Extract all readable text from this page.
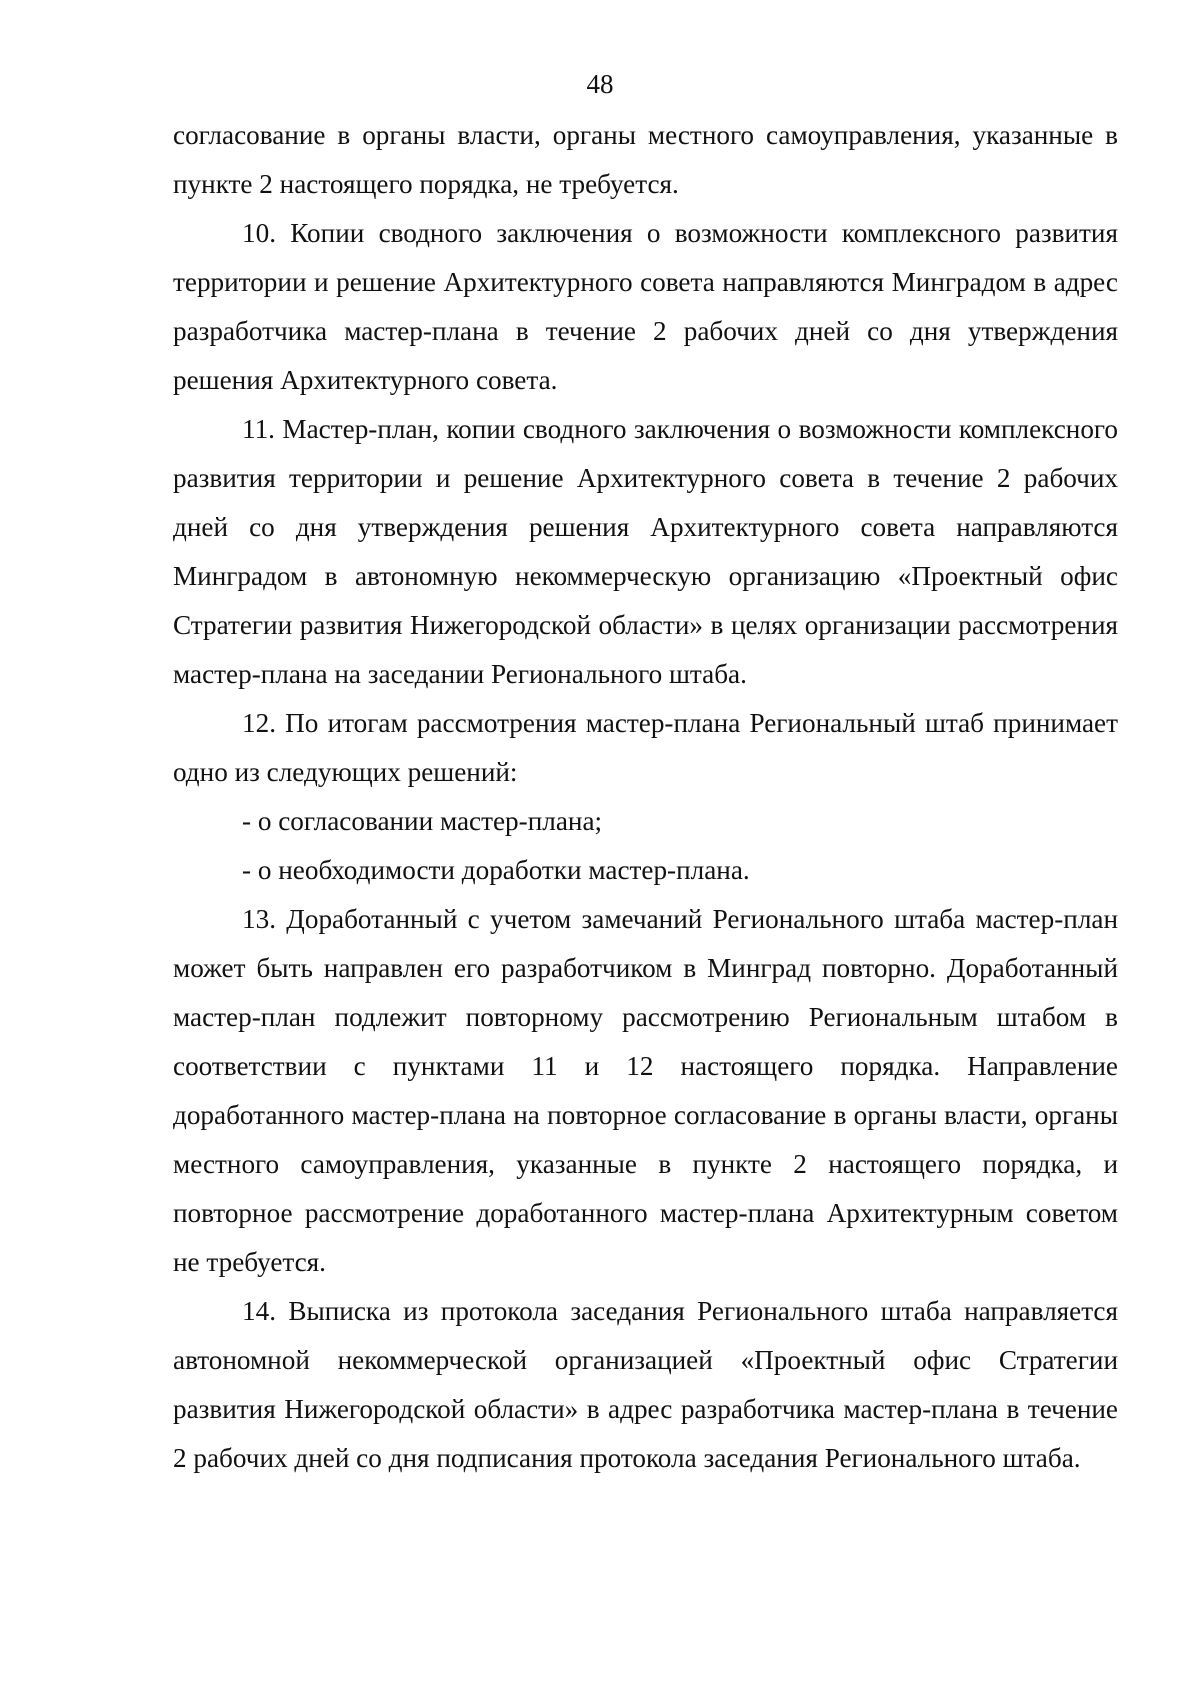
48

согласование в органы власти, органы местного самоуправления, указанные в пункте 2 настоящего порядка, не требуется.

10. Копии сводного заключения о возможности комплексного развития территории и решение Архитектурного совета направляются Минградом в адрес разработчика мастер-плана в течение 2 рабочих дней со дня утверждения решения Архитектурного совета.

11. Мастер-план, копии сводного заключения о возможности комплексного развития территории и решение Архитектурного совета в течение 2 рабочих дней со дня утверждения решения Архитектурного совета направляются Минградом в автономную некоммерческую организацию «Проектный офис Стратегии развития Нижегородской области» в целях организации рассмотрения мастер-плана на заседании Регионального штаба.

12. По итогам рассмотрения мастер-плана Региональный штаб принимает одно из следующих решений:

- о согласовании мастер-плана;

- о необходимости доработки мастер-плана.

13. Доработанный с учетом замечаний Регионального штаба мастер-план может быть направлен его разработчиком в Минград повторно. Доработанный мастер-план подлежит повторному рассмотрению Региональным штабом в соответствии с пунктами 11 и 12 настоящего порядка. Направление доработанного мастер-плана на повторное согласование в органы власти, органы местного самоуправления, указанные в пункте 2 настоящего порядка, и повторное рассмотрение доработанного мастер-плана Архитектурным советом не требуется.

14. Выписка из протокола заседания Регионального штаба направляется автономной некоммерческой организацией «Проектный офис Стратегии развития Нижегородской области» в адрес разработчика мастер-плана в течение 2 рабочих дней со дня подписания протокола заседания Регионального штаба.
